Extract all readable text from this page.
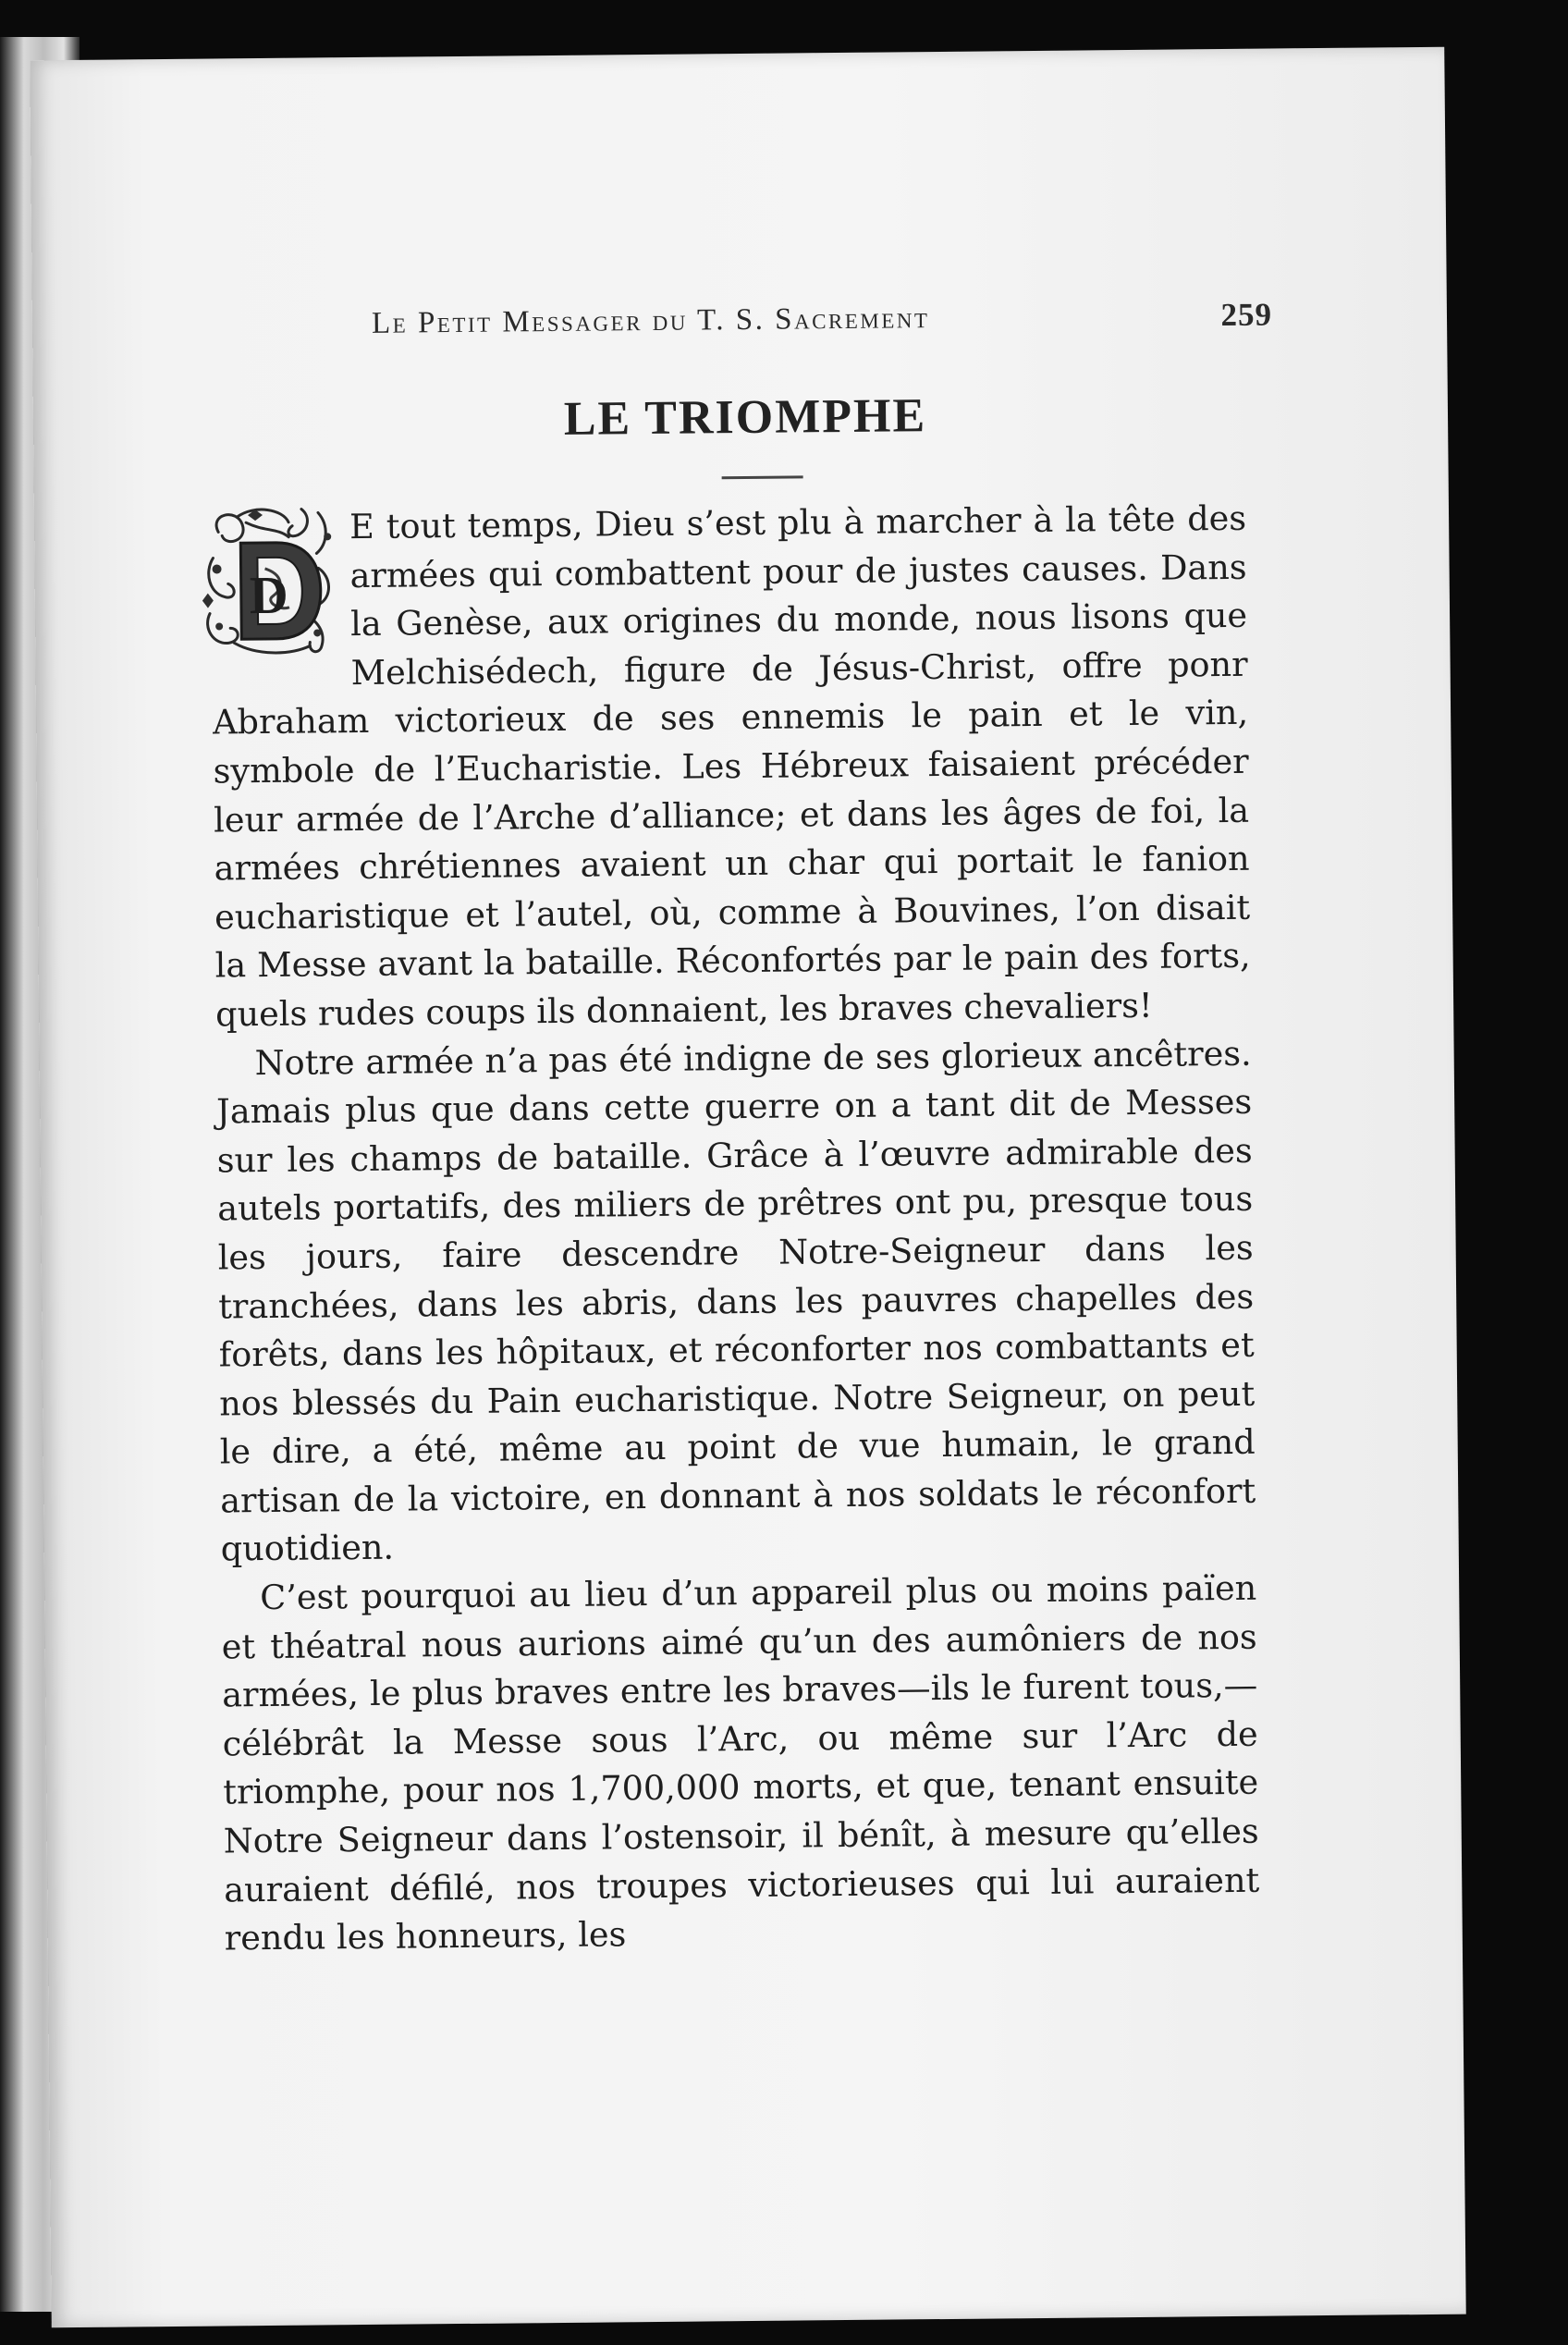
Le Petit Messager du T. S. Sacrement	259
LE TRIOMPHE
D

E tout temps, Dieu s’est plu à marcher à la tête des armées qui combattent pour de justes causes. Dans la Genèse, aux origines du monde, nous lisons que Melchisédech, figure de Jésus-Christ, offre ponr Abraham victorieux de ses ennemis le pain et le vin, symbole de l’Eucharistie. Les Hébreux faisaient précéder leur armée de l’Arche d’alliance; et dans les âges de foi, la armées chrétiennes avaient un char qui portait le fanion eucharistique et l’autel, où, comme à Bouvines, l’on disait la Messe avant la bataille. Réconfortés par le pain des forts, quels rudes coups ils donnaient, les braves chevaliers!

Notre armée n’a pas été indigne de ses glorieux ancêtres. Jamais plus que dans cette guerre on a tant dit de Messes sur les champs de bataille. Grâce à l’œuvre admirable des autels portatifs, des miliers de prêtres ont pu, presque tous les jours, faire descendre Notre-Seigneur dans les tranchées, dans les abris, dans les pauvres chapelles des forêts, dans les hôpitaux, et réconforter nos combattants et nos blessés du Pain eucharistique. Notre Seigneur, on peut le dire, a été, même au point de vue humain, le grand artisan de la victoire, en donnant à nos soldats le réconfort quotidien.

C’est pourquoi au lieu d’un appareil plus ou moins païen et théatral nous aurions aimé qu’un des aumôniers de nos armées, le plus braves entre les braves—ils le furent tous,—célébrât la Messe sous l’Arc, ou même sur l’Arc de triomphe, pour nos 1,700,000 morts, et que, tenant ensuite Notre Seigneur dans l’ostensoir, il bénît, à mesure qu’elles auraient défilé, nos troupes victorieuses qui lui auraient rendu les honneurs, les
